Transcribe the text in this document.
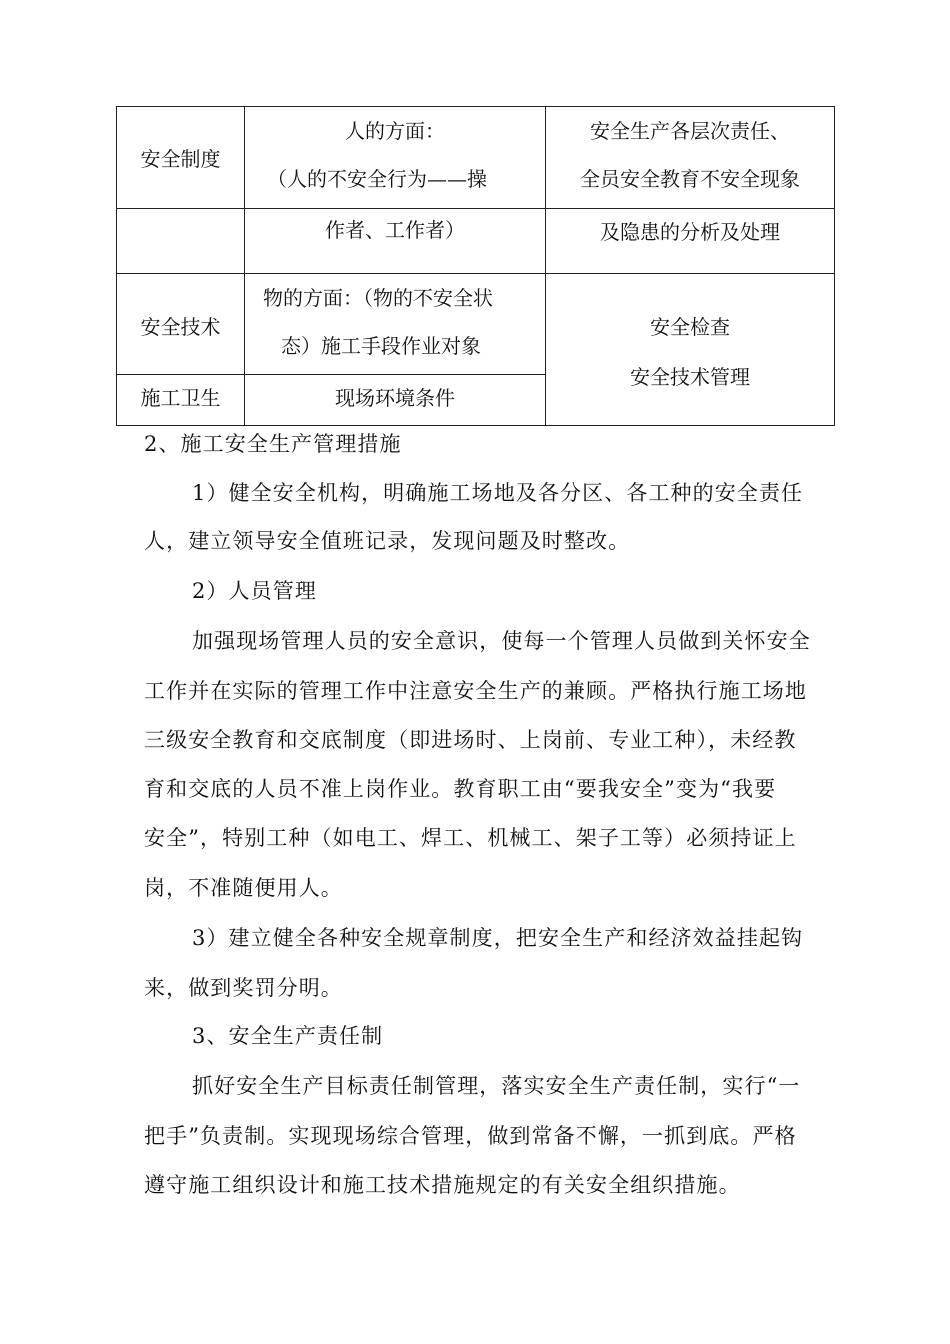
安全制度
人的方面：
（人的不安全行为——操
安全生产各层次责任、
全员安全教育不安全现象
作者、工作者）	及隐患的分析及处理
安全技术
物的方面：（物的不安全状
态）施工手段作业对象
安全检查
安全技术管理
施工卫生	现场环境条件
2、施工安全生产管理措施
1）健全安全机构，明确施工场地及各分区、各工种的安全责任
人，建立领导安全值班记录，发现问题及时整改。
2）人员管理
加强现场管理人员的安全意识，使每一个管理人员做到关怀安全
工作并在实际的管理工作中注意安全生产的兼顾。严格执行施工场地
三级安全教育和交底制度（即进场时、上岗前、专业工种），未经教
育和交底的人员不准上岗作业。教育职工由“要我安全”变为“我要
安全”，特别工种（如电工、焊工、机械工、架子工等）必须持证上
岗，不准随便用人。
3）建立健全各种安全规章制度，把安全生产和经济效益挂起钩
来，做到奖罚分明。
3、安全生产责任制
抓好安全生产目标责任制管理，落实安全生产责任制，实行“一
把手”负责制。实现现场综合管理，做到常备不懈，一抓到底。严格
遵守施工组织设计和施工技术措施规定的有关安全组织措施。
